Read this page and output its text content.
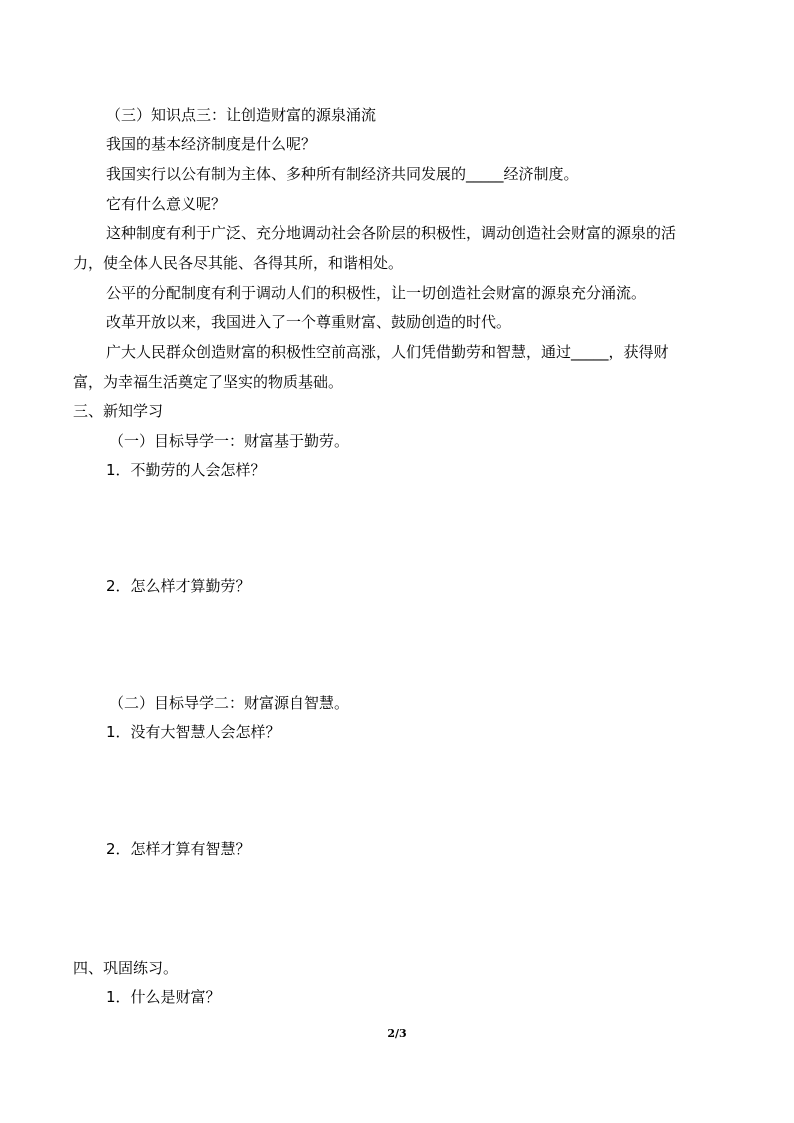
（三）知识点三：让创造财富的源泉涌流
我国的基本经济制度是什么呢？
我国实行以公有制为主体、多种所有制经济共同发展的_____经济制度。
它有什么意义呢？
这种制度有利于广泛、充分地调动社会各阶层的积极性，调动创造社会财富的源泉的活
力，使全体人民各尽其能、各得其所，和谐相处。
公平的分配制度有利于调动人们的积极性，让一切创造社会财富的源泉充分涌流。
改革开放以来，我国进入了一个尊重财富、鼓励创造的时代。
广大人民群众创造财富的积极性空前高涨，人们凭借勤劳和智慧，通过_____，获得财
富，为幸福生活奠定了坚实的物质基础。
三、新知学习
（一）目标导学一：财富基于勤劳。
1．不勤劳的人会怎样？
2．怎么样才算勤劳？
（二）目标导学二：财富源自智慧。
1．没有大智慧人会怎样？
2．怎样才算有智慧？
四、巩固练习。
1．什么是财富？
2/3
